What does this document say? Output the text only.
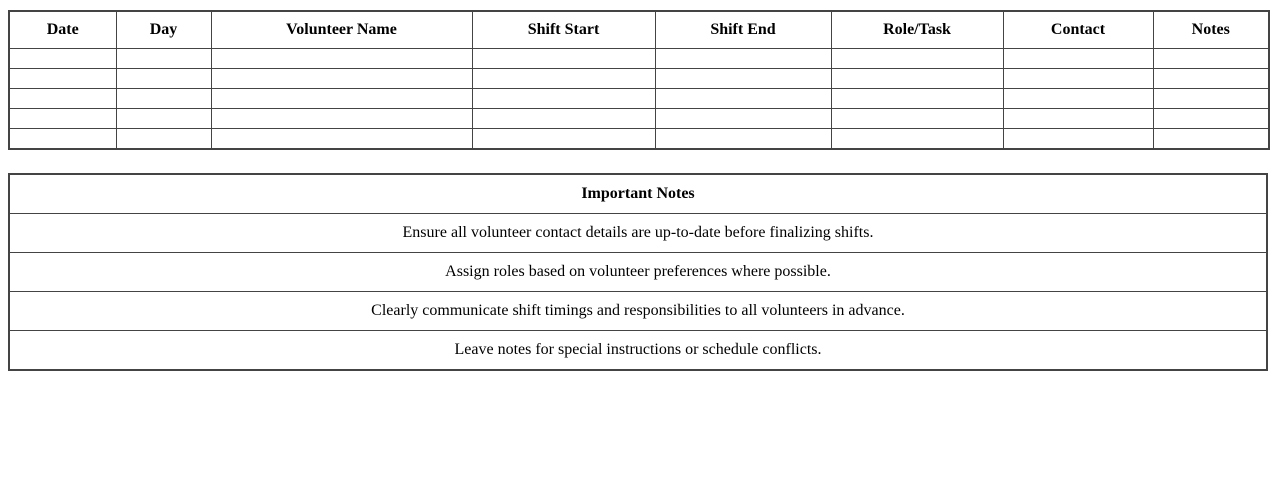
Date	Day	Volunteer Name	Shift Start	Shift End	Role/Task	Contact	Notes

Important Notes
Ensure all volunteer contact details are up-to-date before finalizing shifts.
Assign roles based on volunteer preferences where possible.
Clearly communicate shift timings and responsibilities to all volunteers in advance.
Leave notes for special instructions or schedule conflicts.
